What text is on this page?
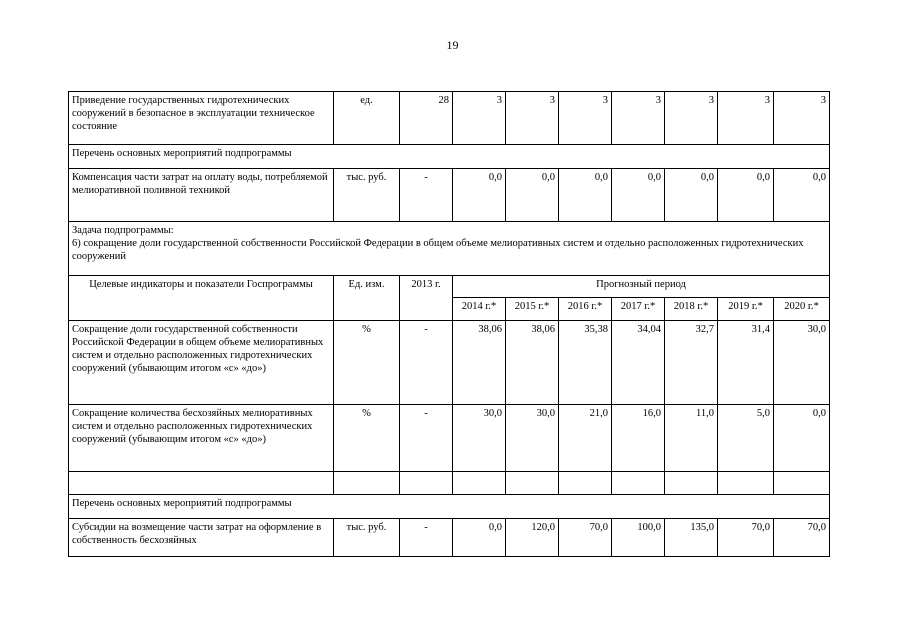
19
Приведение государственных гидротехнических сооружений в безопасное в эксплуатации техническое состояние	ед.	28	3	3	3	3	3	3	3
Перечень основных мероприятий подпрограммы									
Компенсация части затрат на оплату воды, потребляемой мелиоративной поливной техникой	тыс. руб.	-	0,0	0,0	0,0	0,0	0,0	0,0	0,0

Задача подпрограммы:
6) сокращение доли государственной собственности Российской Федерации в общем объеме мелиоративных систем и отдельно расположенных гидротехнических сооружений									

Целевые индикаторы и показатели Госпрограммы	Ед. изм.	2013 г.	Прогнозный период						
			2014 г.*	2015 г.*	2016 г.*	2017 г.*	2018 г.*	2019 г.*	2020 г.*
Сокращение доли государственной собственности Российской Федерации в общем объеме мелиоративных систем и отдельно расположенных гидротехнических сооружений (убывающим итогом «с» «до»)	%	-	38,06	38,06	35,38	34,04	32,7	31,4	30,0
Сокращение количества бесхозяйных мелиоративных систем и отдельно расположенных гидротехнических сооружений (убывающим итогом «с» «до»)	%	-	30,0	30,0	21,0	16,0	11,0	5,0	0,0

Перечень основных мероприятий подпрограммы									
Субсидии на возмещение части затрат на оформление в собственность бесхозяйных	тыс. руб.	-	0,0	120,0	70,0	100,0	135,0	70,0	70,0
